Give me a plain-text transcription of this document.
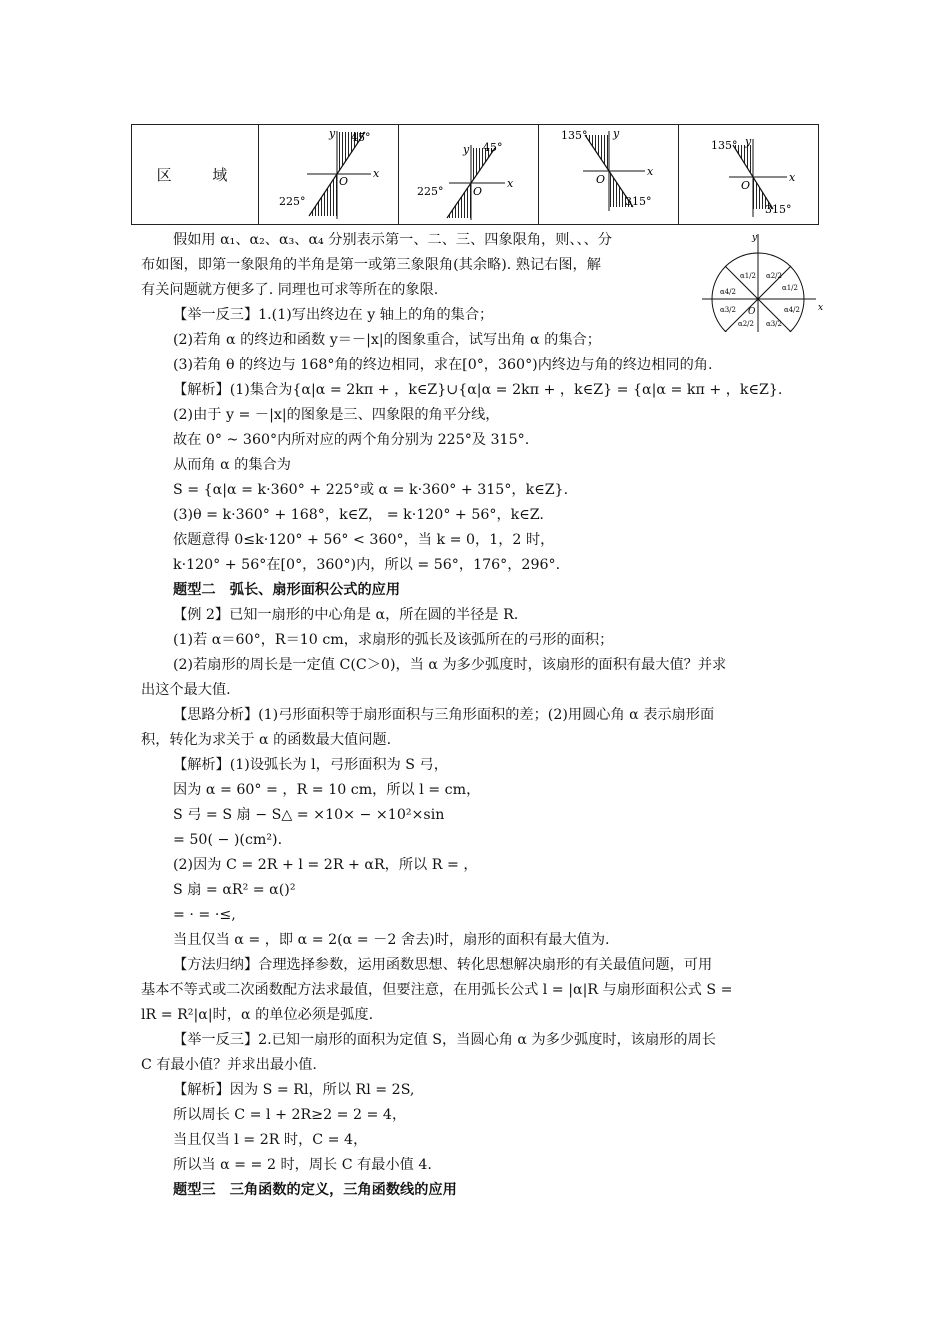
区 域	
y
x
O
45°
225°

y
x
O
45°
225°

y
x
O
135°
315°

y
x
O
135°
315°
y
x
O
α2/2
α1/2
α1/2
α4/2
α3/2	α4/2
α3/2
α2/2
假如用 α₁、α₂、α₃、α₄ 分别表示第一、二、三、四象限角，则、、、分
布如图，即第一象限角的半角是第一或第三象限角(其余略). 熟记右图，解
有关问题就方便多了. 同理也可求等所在的象限.
【举一反三】1.(1)写出终边在 y 轴上的角的集合；
(2)若角 α 的终边和函数 y＝－|x|的图象重合，试写出角 α 的集合；
(3)若角 θ 的终边与 168°角的终边相同，求在[0°，360°)内终边与角的终边相同的角.
【解析】(1)集合为{α|α = 2kπ + ，k∈Z}∪{α|α = 2kπ + ，k∈Z} = {α|α = kπ + ，k∈Z}.
(2)由于 y = －|x|的图象是三、四象限的角平分线，
故在 0° ~ 360°内所对应的两个角分别为 225°及 315°.
从而角 α 的集合为
S = {α|α = k·360° + 225°或 α = k·360° + 315°，k∈Z}.
(3)θ = k·360° + 168°，k∈Z， = k·120° + 56°，k∈Z.
依题意得 0≤k·120° + 56° < 360°，当 k = 0，1，2 时，
k·120° + 56°在[0°，360°)内，所以 = 56°，176°，296°.
题型二　弧长、扇形面积公式的应用
【例 2】已知一扇形的中心角是 α，所在圆的半径是 R.
(1)若 α＝60°，R＝10 cm，求扇形的弧长及该弧所在的弓形的面积；
(2)若扇形的周长是一定值 C(C＞0)，当 α 为多少弧度时，该扇形的面积有最大值？并求
出这个最大值.
【思路分析】(1)弓形面积等于扇形面积与三角形面积的差；(2)用圆心角 α 表示扇形面
积，转化为求关于 α 的函数最大值问题.
【解析】(1)设弧长为 l，弓形面积为 S 弓，
因为 α = 60° = ，R = 10 cm，所以 l = cm，
S 弓 = S 扇 − S△ = ×10× − ×10²×sin
= 50( − )(cm²).
(2)因为 C = 2R + l = 2R + αR，所以 R = ，
S 扇 = αR² = α()²
= · = ·≤,
当且仅当 α = ，即 α = 2(α = －2 舍去)时，扇形的面积有最大值为.
【方法归纳】合理选择参数，运用函数思想、转化思想解决扇形的有关最值问题，可用
基本不等式或二次函数配方法求最值，但要注意，在用弧长公式 l = |α|R 与扇形面积公式 S =
lR = R²|α|时，α 的单位必须是弧度.
【举一反三】2.已知一扇形的面积为定值 S，当圆心角 α 为多少弧度时，该扇形的周长
C 有最小值？并求出最小值.
【解析】因为 S = Rl，所以 Rl = 2S,
所以周长 C = l + 2R≥2 = 2 = 4，
当且仅当 l = 2R 时，C = 4，
所以当 α = = 2 时，周长 C 有最小值 4.
题型三　三角函数的定义，三角函数线的应用
